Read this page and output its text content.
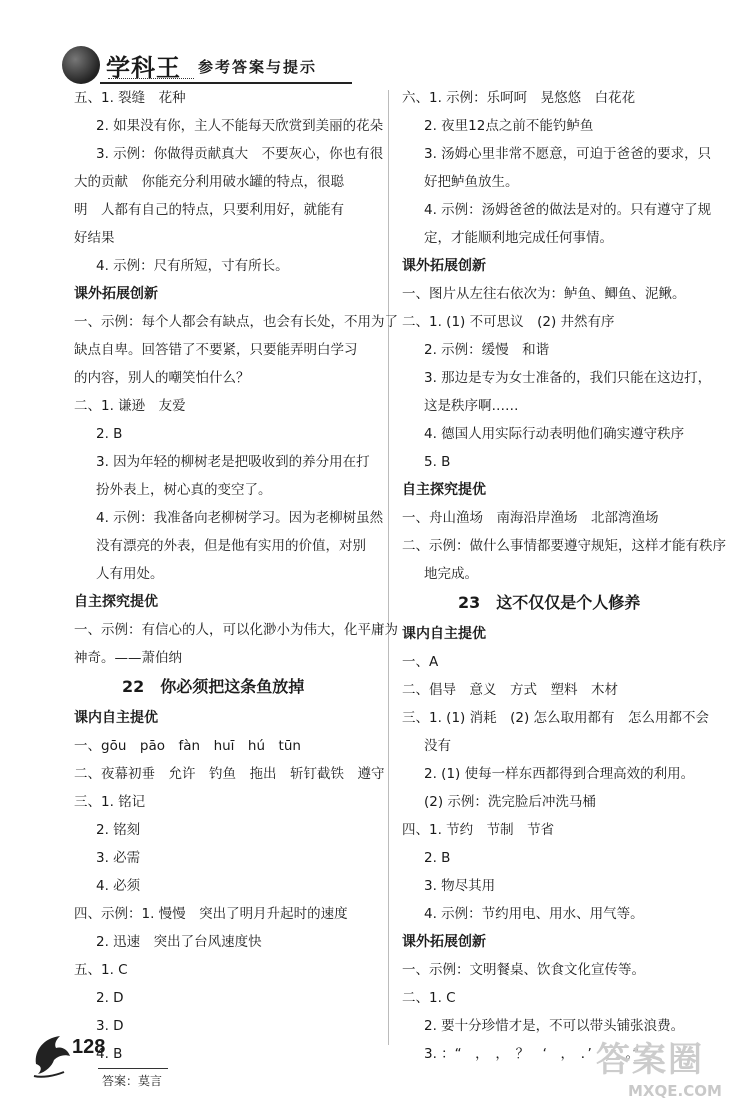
学科王 参考答案与提示
五、1. 裂缝　花种
2. 如果没有你，主人不能每天欣赏到美丽的花朵
3. 示例：你做得贡献真大　不要灰心，你也有很
大的贡献　你能充分利用破水罐的特点，很聪
明　人都有自己的特点，只要利用好，就能有
好结果
4. 示例：尺有所短，寸有所长。
课外拓展创新
一、示例：每个人都会有缺点，也会有长处，不用为了
缺点自卑。回答错了不要紧，只要能弄明白学习
的内容，别人的嘲笑怕什么？
二、1. 谦逊　友爱
2. B
3. 因为年轻的柳树老是把吸收到的养分用在打
扮外表上，树心真的变空了。
4. 示例：我准备向老柳树学习。因为老柳树虽然
没有漂亮的外表，但是他有实用的价值，对别
人有用处。
自主探究提优
一、示例：有信心的人，可以化渺小为伟大，化平庸为
神奇。——萧伯纳
22　你必须把这条鱼放掉
课内自主提优
一、gōu　pāo　fàn　huī　hú　tūn
二、夜幕初垂　允许　钓鱼　拖出　斩钉截铁　遵守
三、1. 铭记
2. 铭刻
3. 必需
4. 必须
四、示例：1. 慢慢　突出了明月升起时的速度
2. 迅速　突出了台风速度快
五、1. C
2. D
3. D
4. B
六、1. 示例：乐呵呵　晃悠悠　白花花
2. 夜里12点之前不能钓鲈鱼
3. 汤姆心里非常不愿意，可迫于爸爸的要求，只
好把鲈鱼放生。
4. 示例：汤姆爸爸的做法是对的。只有遵守了规
定，才能顺利地完成任何事情。
课外拓展创新
一、图片从左往右依次为：鲈鱼、鲫鱼、泥鳅。
二、1. (1) 不可思议　(2) 井然有序
2. 示例：缓慢　和谐
3. 那边是专为女士准备的，我们只能在这边打，
这是秩序啊……
4. 德国人用实际行动表明他们确实遵守秩序
5. B
自主探究提优
一、舟山渔场　南海沿岸渔场　北部湾渔场
二、示例：做什么事情都要遵守规矩，这样才能有秩序
地完成。
23　这不仅仅是个人修养
课内自主提优
一、A
二、倡导　意义　方式　塑料　木材
三、1. (1) 消耗　(2) 怎么取用都有　怎么用都不会
没有
2. (1) 使每一样东西都得到合理高效的利用。
(2) 示例：洗完脸后冲洗马桶
四、1. 节约　节制　节省
2. B
3. 物尽其用
4. 示例：节约用电、用水、用气等。
课外拓展创新
一、示例：文明餐桌、饮食文化宣传等。
二、1. C
2. 要十分珍惜才是，不可以带头铺张浪费。
3. ：“　，　，　？　‘　，　．’　，　。”
128
答案：莫言
答案圈
MXQE.COM
